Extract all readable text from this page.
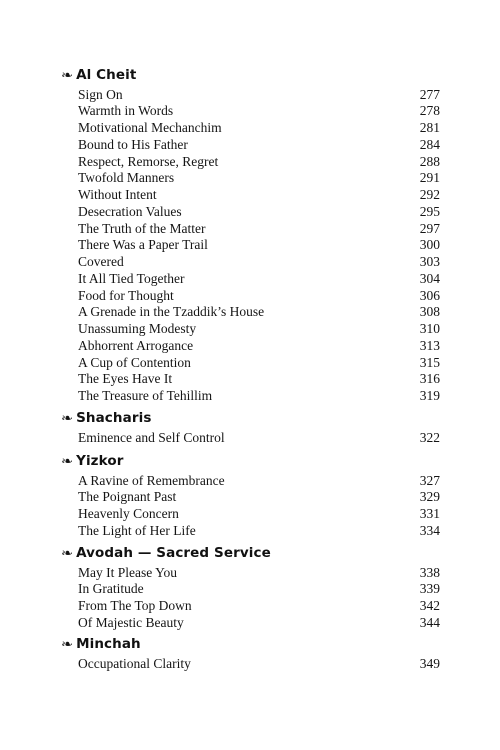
❧ Al Cheit
Sign On	277
Warmth in Words	278
Motivational Mechanchim	281
Bound to His Father	284
Respect, Remorse, Regret	288
Twofold Manners	291
Without Intent	292
Desecration Values	295
The Truth of the Matter	297
There Was a Paper Trail	300
Covered	303
It All Tied Together	304
Food for Thought	306
A Grenade in the Tzaddik’s House	308
Unassuming Modesty	310
Abhorrent Arrogance	313
A Cup of Contention	315
The Eyes Have It	316
The Treasure of Tehillim	319
❧ Shacharis
Eminence and Self Control	322
❧ Yizkor
A Ravine of Remembrance	327
The Poignant Past	329
Heavenly Concern	331
The Light of Her Life	334
❧ Avodah — Sacred Service
May It Please You	338
In Gratitude	339
From The Top Down	342
Of Majestic Beauty	344
❧ Minchah
Occupational Clarity	349
